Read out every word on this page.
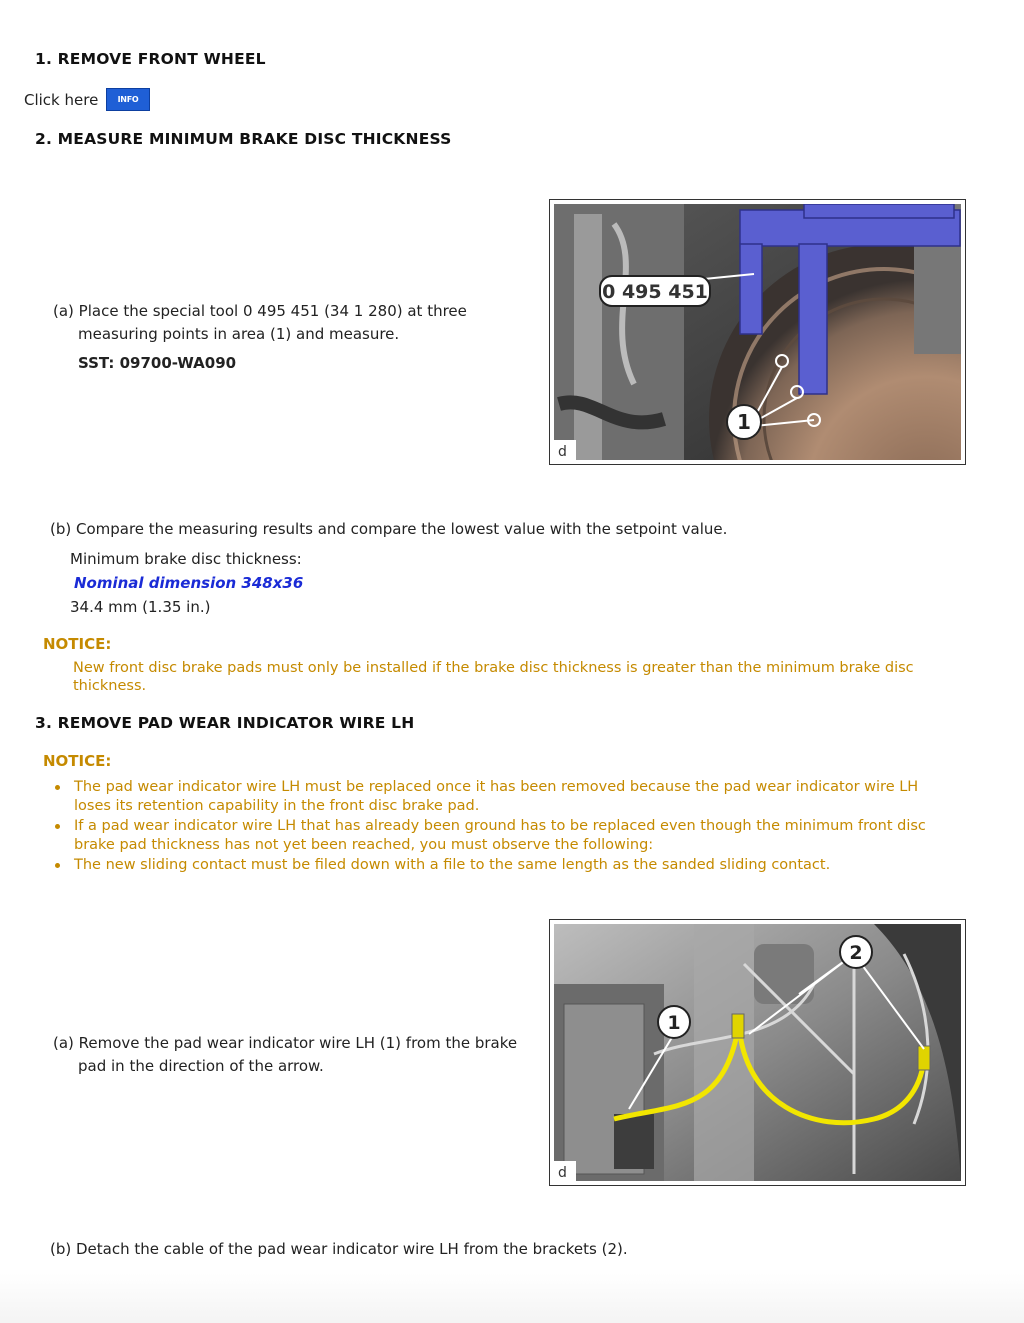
1. REMOVE FRONT WHEEL
Click here	INFO
2. MEASURE MINIMUM BRAKE DISC THICKNESS
(a) Place the special tool 0 495 451 (34 1 280) at three
measuring points in area (1) and measure.
SST: 09700-WA090
0 495 451
1
d
(b) Compare the measuring results and compare the lowest value with the setpoint value.
Minimum brake disc thickness:
Nominal dimension 348x36
34.4 mm (1.35 in.)
NOTICE:
New front disc brake pads must only be installed if the brake disc thickness is greater than the minimum brake disc
thickness.
3. REMOVE PAD WEAR INDICATOR WIRE LH
NOTICE:
The pad wear indicator wire LH must be replaced once it has been removed because the pad wear indicator wire LH
loses its retention capability in the front disc brake pad.
If a pad wear indicator wire LH that has already been ground has to be replaced even though the minimum front disc
brake pad thickness has not yet been reached, you must observe the following:
The new sliding contact must be filed down with a file to the same length as the sanded sliding contact.
(a) Remove the pad wear indicator wire LH (1) from the brake
pad in the direction of the arrow.
1
2
d
(b) Detach the cable of the pad wear indicator wire LH from the brackets (2).
